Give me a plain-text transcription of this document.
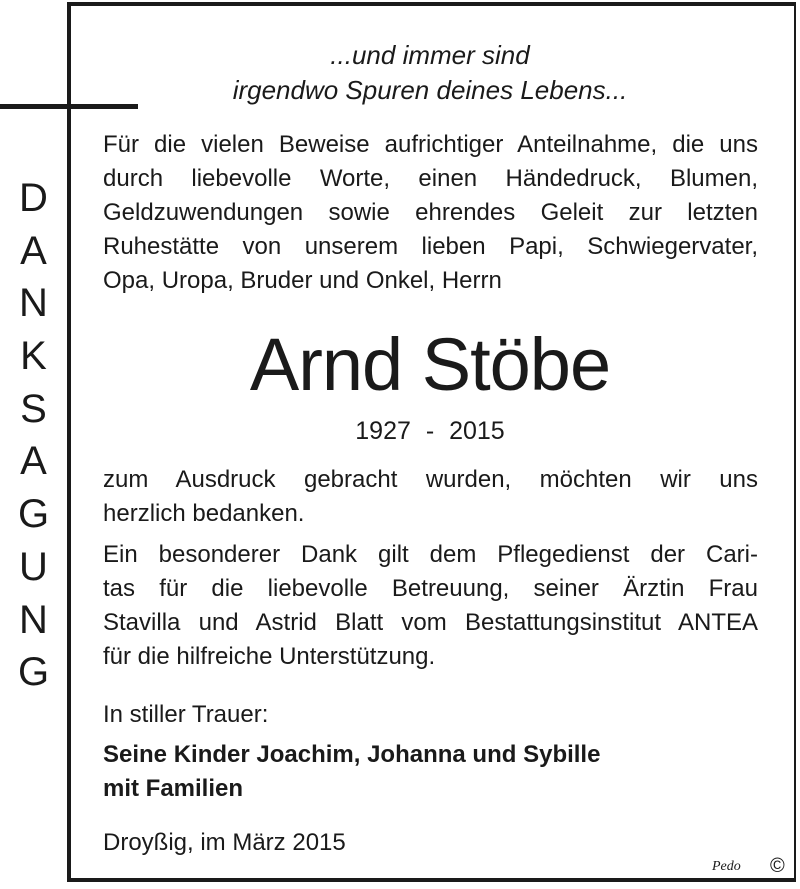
D
A
N
K
S
A
G
U
N
G
...und immer sind
irgendwo Spuren deines Lebens...
Für die vielen Beweise aufrichtiger Anteilnahme, die uns
durch liebevolle Worte, einen Händedruck, Blumen,
Geldzuwendungen sowie ehrendes Geleit zur letzten
Ruhestätte von unserem lieben Papi, Schwiegervater,
Opa, Uropa, Bruder und Onkel, Herrn
Arnd Stöbe
1927 - 2015
zum Ausdruck gebracht wurden, möchten wir uns
herzlich bedanken.
Ein besonderer Dank gilt dem Pflegedienst der Cari-
tas für die liebevolle Betreuung, seiner Ärztin Frau
Stavilla und Astrid Blatt vom Bestattungsinstitut ANTEA
für die hilfreiche Unterstützung.
In stiller Trauer:
Seine Kinder Joachim, Johanna und Sybille
mit Familien
Droyßig, im März 2015
Pedo ©
